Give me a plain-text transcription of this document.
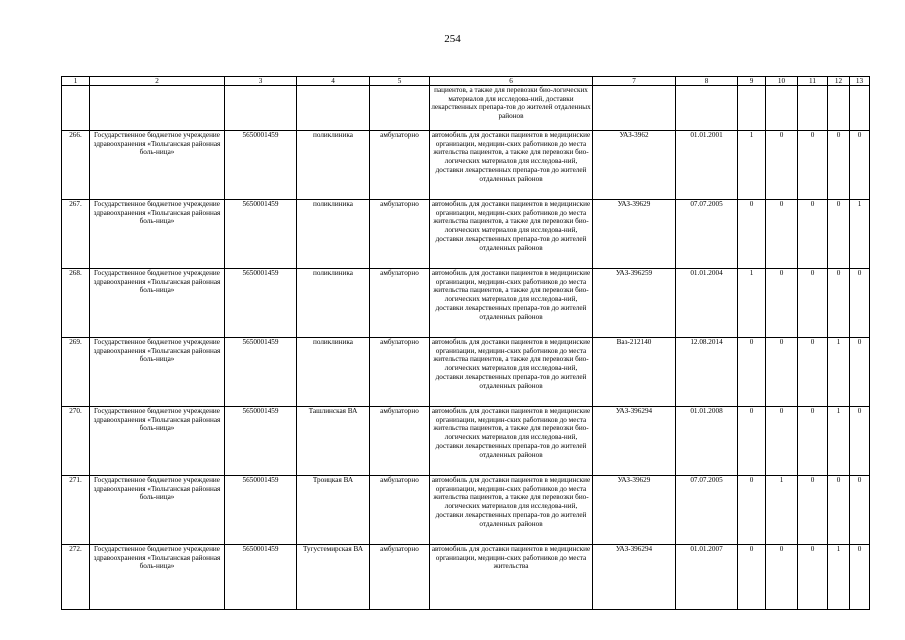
254
1	2	3	4	5	6	7	8	9	10	11	12	13
					пациентов, а также для перевозки био-логических материалов для исследова-ний, доставки лекарственных препара-тов до жителей отдаленных районов							
266.	Государственное бюджетное учреждение здравоохранения «Тюльганская районная боль-ница»	5650001459	поликлиника	амбулаторно	автомобиль для доставки пациентов в медицинские организации, медицин-ских работников до места жительства пациентов, а также для перевозки био-логических материалов для исследова-ний, доставки лекарственных препара-тов до жителей отдаленных районов	УАЗ-3962	01.01.2001	1	0	0	0	0
267.	Государственное бюджетное учреждение здравоохранения «Тюльганская районная боль-ница»	5650001459	поликлиника	амбулаторно	автомобиль для доставки пациентов в медицинские организации, медицин-ских работников до места жительства пациентов, а также для перевозки био-логических материалов для исследова-ний, доставки лекарственных препара-тов до жителей отдаленных районов	УАЗ-39629	07.07.2005	0	0	0	0	1
268.	Государственное бюджетное учреждение здравоохранения «Тюльганская районная боль-ница»	5650001459	поликлиника	амбулаторно	автомобиль для доставки пациентов в медицинские организации, медицин-ских работников до места жительства пациентов, а также для перевозки био-логических материалов для исследова-ний, доставки лекарственных препара-тов до жителей отдаленных районов	УАЗ-396259	01.01.2004	1	0	0	0	0
269.	Государственное бюджетное учреждение здравоохранения «Тюльганская районная боль-ница»	5650001459	поликлиника	амбулаторно	автомобиль для доставки пациентов в медицинские организации, медицин-ских работников до места жительства пациентов, а также для перевозки био-логических материалов для исследова-ний, доставки лекарственных препара-тов до жителей отдаленных районов	Ваз-212140	12.08.2014	0	0	0	1	0
270.	Государственное бюджетное учреждение здравоохранения «Тюльганская районная боль-ница»	5650001459	Ташлинская ВА	амбулаторно	автомобиль для доставки пациентов в медицинские организации, медицин-ских работников до места жительства пациентов, а также для перевозки био-логических материалов для исследова-ний, доставки лекарственных препара-тов до жителей отдаленных районов	УАЗ-396294	01.01.2008	0	0	0	1	0
271.	Государственное бюджетное учреждение здравоохранения «Тюльганская районная боль-ница»	5650001459	Троицкая ВА	амбулаторно	автомобиль для доставки пациентов в медицинские организации, медицин-ских работников до места жительства пациентов, а также для перевозки био-логических материалов для исследова-ний, доставки лекарственных препара-тов до жителей отдаленных районов	УАЗ-39629	07.07.2005	0	1	0	0	0
272.	Государственное бюджетное учреждение здравоохранения «Тюльганская районная боль-ница»	5650001459	Тугустемирская ВА	амбулаторно	автомобиль для доставки пациентов в медицинские организации, медицин-ских работников до места жительства	УАЗ-396294	01.01.2007	0	0	0	1	0
